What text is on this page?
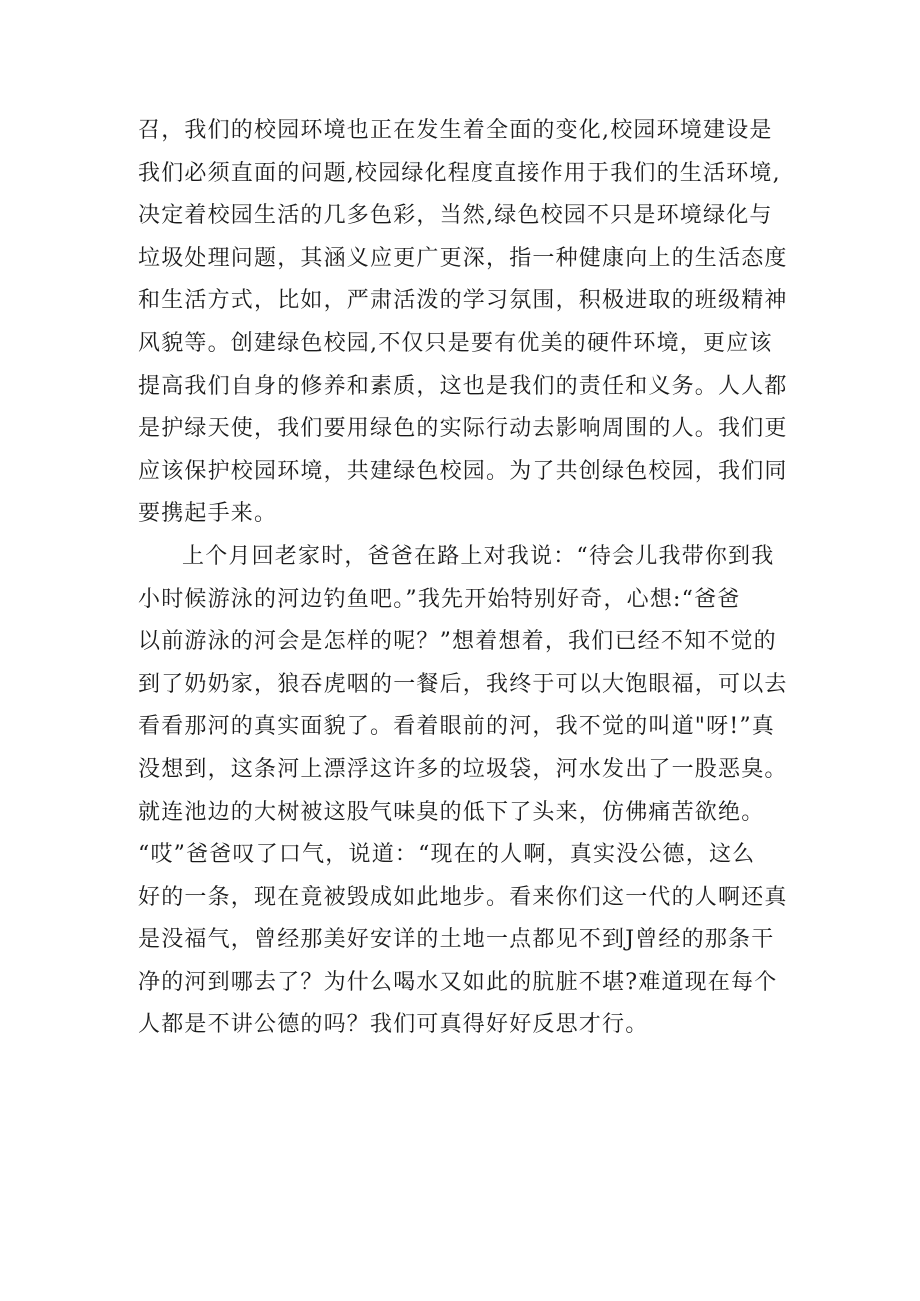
召，我们的校园环境也正在发生着全面的变化,校园环境建设是
我们必须直面的问题,校园绿化程度直接作用于我们的生活环境,
决定着校园生活的几多色彩，当然,绿色校园不只是环境绿化与
垃圾处理问题，其涵义应更广更深，指一种健康向上的生活态度
和生活方式，比如，严肃活泼的学习氛围，积极进取的班级精神
风貌等。创建绿色校园,不仅只是要有优美的硬件环境，更应该
提高我们自身的修养和素质，这也是我们的责任和义务。人人都
是护绿天使，我们要用绿色的实际行动去影响周围的人。我们更
应该保护校园环境，共建绿色校园。为了共创绿色校园，我们同
要携起手来。
上个月回老家时，爸爸在路上对我说：“待会儿我带你到我
小时候游泳的河边钓鱼吧。”我先开始特别好奇，心想:“爸爸
以前游泳的河会是怎样的呢？”想着想着，我们已经不知不觉的
到了奶奶家，狼吞虎咽的一餐后，我终于可以大饱眼福，可以去
看看那河的真实面貌了。看着眼前的河，我不觉的叫道"呀!”真
没想到，这条河上漂浮这许多的垃圾袋，河水发出了一股恶臭。
就连池边的大树被这股气味臭的低下了头来，仿佛痛苦欲绝。
“哎”爸爸叹了口气，说道：“现在的人啊，真实没公德，这么
好的一条，现在竟被毁成如此地步。看来你们这一代的人啊还真
是没福气，曾经那美好安详的土地一点都见不到J曾经的那条干
净的河到哪去了？为什么喝水又如此的肮脏不堪?难道现在每个
人都是不讲公德的吗？我们可真得好好反思才行。
